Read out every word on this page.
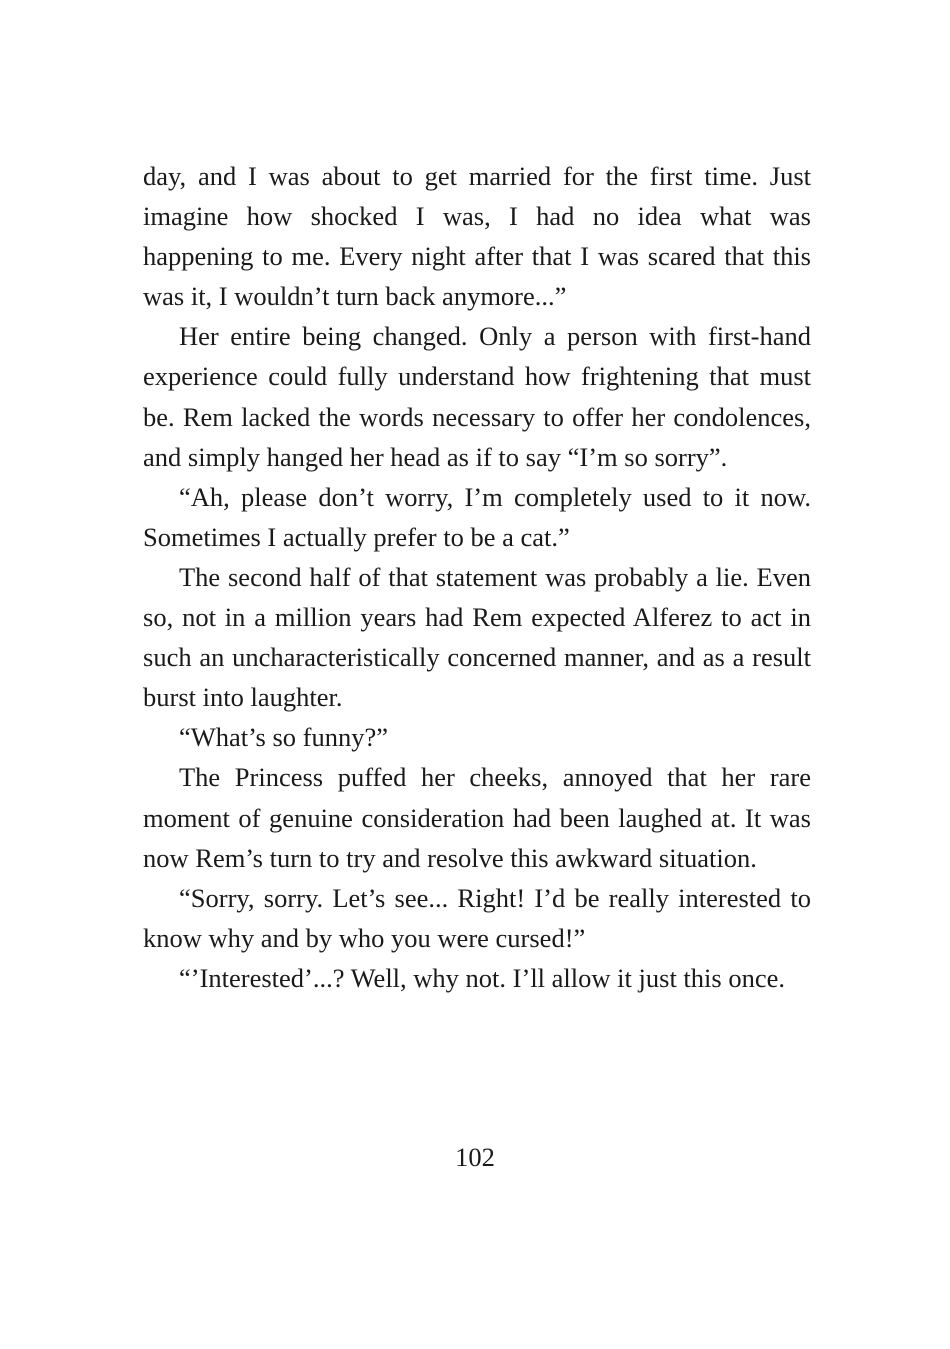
day, and I was about to get married for the first time. Just imagine how shocked I was, I had no idea what was happening to me. Every night after that I was scared that this was it, I wouldn’t turn back anymore...”

Her entire being changed. Only a person with first-hand experience could fully understand how frightening that must be. Rem lacked the words necessary to offer her condolences, and simply hanged her head as if to say “I’m so sorry”.

“Ah, please don’t worry, I’m completely used to it now. Sometimes I actually prefer to be a cat.”

The second half of that statement was probably a lie. Even so, not in a million years had Rem expected Alferez to act in such an uncharacteristically concerned manner, and as a result burst into laughter.

“What’s so funny?”

The Princess puffed her cheeks, annoyed that her rare moment of genuine consideration had been laughed at. It was now Rem’s turn to try and resolve this awkward situation.

“Sorry, sorry. Let’s see... Right! I’d be really interested to know why and by who you were cursed!”

“’Interested’...? Well, why not. I’ll allow it just this once.

102
